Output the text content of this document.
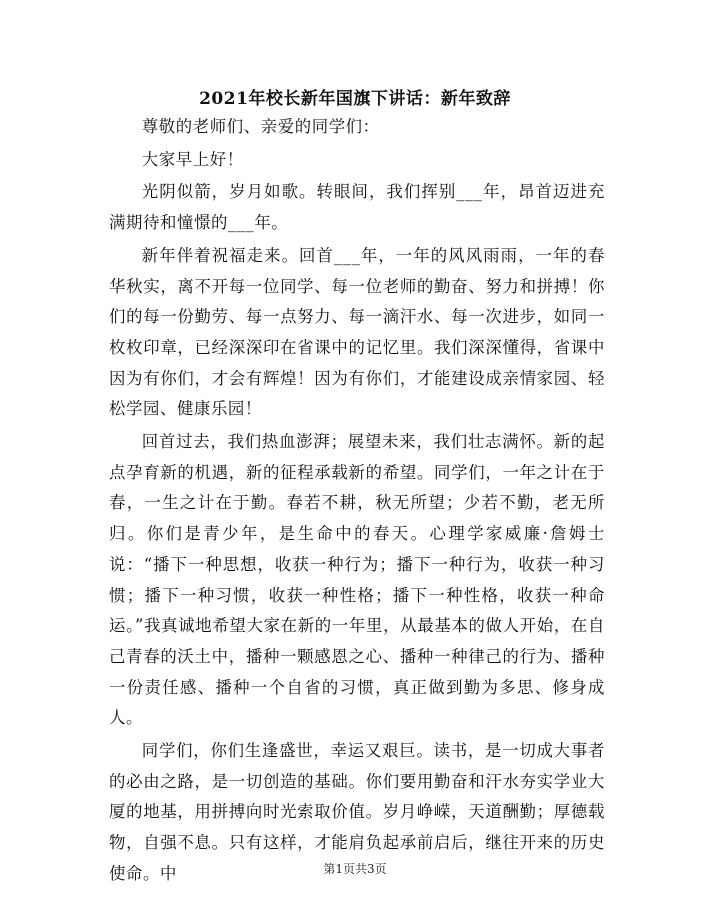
2021年校长新年国旗下讲话：新年致辞

尊敬的老师们、亲爱的同学们：

大家早上好！

光阴似箭，岁月如歌。转眼间，我们挥别___年，昂首迈进充满期待和憧憬的___年。

新年伴着祝福走来。回首___年，一年的风风雨雨，一年的春华秋实，离不开每一位同学、每一位老师的勤奋、努力和拼搏！你们的每一份勤劳、每一点努力、每一滴汗水、每一次进步，如同一枚枚印章，已经深深印在省课中的记忆里。我们深深懂得，省课中因为有你们，才会有辉煌！因为有你们，才能建设成亲情家园、轻松学园、健康乐园！

回首过去，我们热血澎湃；展望未来，我们壮志满怀。新的起点孕育新的机遇，新的征程承载新的希望。同学们，一年之计在于春，一生之计在于勤。春若不耕，秋无所望；少若不勤，老无所归。你们是青少年，是生命中的春天。心理学家威廉·詹姆士说：“播下一种思想，收获一种行为；播下一种行为，收获一种习惯；播下一种习惯，收获一种性格；播下一种性格，收获一种命运。”我真诚地希望大家在新的一年里，从最基本的做人开始，在自己青春的沃土中，播种一颗感恩之心、播种一种律己的行为、播种一份责任感、播种一个自省的习惯，真正做到勤为多思、修身成人。

同学们，你们生逢盛世，幸运又艰巨。读书，是一切成大事者的必由之路，是一切创造的基础。你们要用勤奋和汗水夯实学业大厦的地基，用拼搏向时光索取价值。岁月峥嵘，天道酬勤；厚德载物，自强不息。只有这样，才能肩负起承前启后，继往开来的历史使命。中	第1页共3页
